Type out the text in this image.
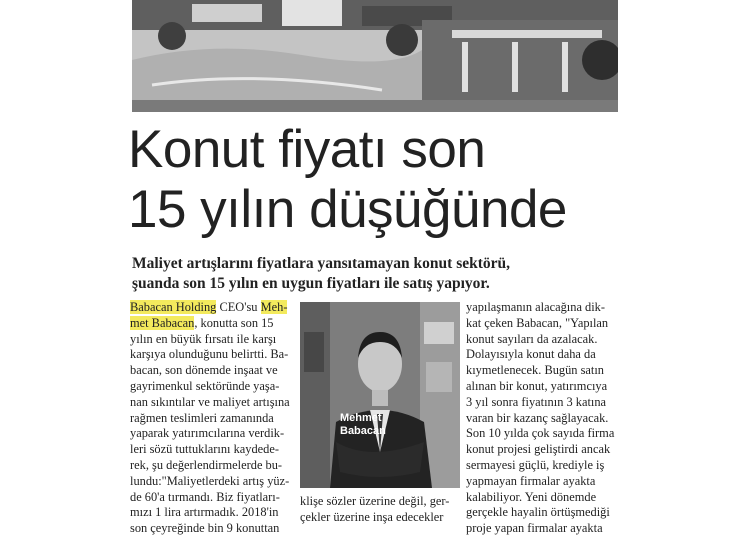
Konut fiyatı son
15 yılın düşüğünde
Maliyet artışlarını fiyatlara yansıtamayan konut sektörü,
şuanda son 15 yılın en uygun fiyatları ile satış yapıyor.
Babacan Holding CEO'su Meh-
met Babacan, konutta son 15
yılın en büyük fırsatı ile karşı
karşıya olunduğunu belirtti. Ba-
bacan, son dönemde inşaat ve
gayrimenkul sektöründe yaşa-
nan sıkıntılar ve maliyet artışına
rağmen teslimleri zamanında
yaparak yatırımcılarına verdik-
leri sözü tuttuklarını kaydede-
rek, şu değerlendirmelerde bu-
lundu:"Maliyetlerdeki artış yüz-
de 60'a tırmandı. Biz fiyatları-
mızı 1 lira artırmadık. 2018'in
son çeyreğinde bin 9 konuttan
Mehmet
Babacan
klişe sözler üzerine değil, ger-
çekler üzerine inşa edecekler
yapılaşmanın alacağına dik-
kat çeken Babacan, "Yapılan
konut sayıları da azalacak.
Dolayısıyla konut daha da
kıymetlenecek. Bugün satın
alınan bir konut, yatırımcıya
3 yıl sonra fiyatının 3 katına
varan bir kazanç sağlayacak.
Son 10 yılda çok sayıda firma
konut projesi geliştirdi ancak
sermayesi güçlü, krediyle iş
yapmayan firmalar ayakta
kalabiliyor. Yeni dönemde
gerçekle hayalin örtüşmediği
proje yapan firmalar ayakta
